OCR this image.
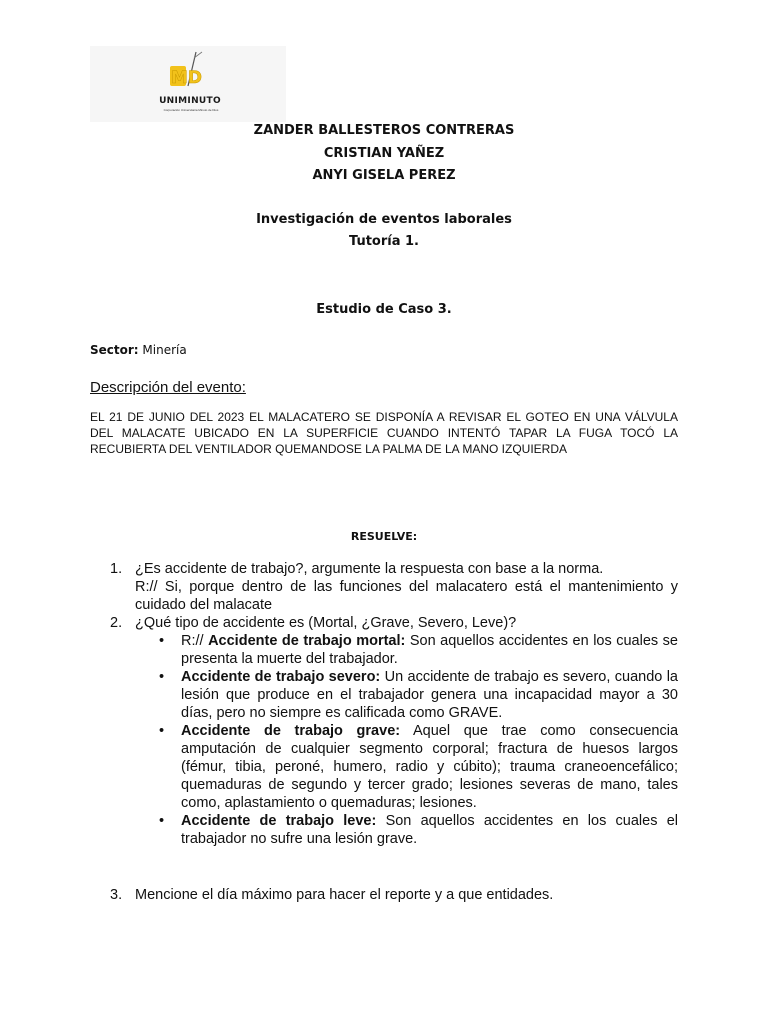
MD
UNIMINUTO
Corporación Universitaria Minuto de Dios
ZANDER BALLESTEROS CONTRERAS
CRISTIAN YAÑEZ
ANYI GISELA PEREZ
Investigación de eventos laborales
Tutoría 1.
Estudio de Caso 3.
Sector: Minería
Descripción del evento:
EL 21 DE JUNIO DEL 2023 EL MALACATERO SE DISPONÍA A REVISAR EL GOTEO EN UNA VÁLVULA DEL MALACATE UBICADO EN LA SUPERFICIE CUANDO INTENTÓ TAPAR LA FUGA TOCÓ LA RECUBIERTA DEL VENTILADOR QUEMANDOSE LA PALMA DE LA MANO IZQUIERDA
RESUELVE:
1. ¿Es accidente de trabajo?, argumente la respuesta con base a la norma.
R:// Si, porque dentro de las funciones del malacatero está el mantenimiento y cuidado del malacate
2. ¿Qué tipo de accidente es (Mortal, ¿Grave, Severo, Leve)?
• R:// Accidente de trabajo mortal: Son aquellos accidentes en los cuales se presenta la muerte del trabajador.
• Accidente de trabajo severo: Un accidente de trabajo es severo, cuando la lesión que produce en el trabajador genera una incapacidad mayor a 30 días, pero no siempre es calificada como GRAVE.
• Accidente de trabajo grave: Aquel que trae como consecuencia amputación de cualquier segmento corporal; fractura de huesos largos (fémur, tibia, peroné, humero, radio y cúbito); trauma craneoencefálico; quemaduras de segundo y tercer grado; lesiones severas de mano, tales como, aplastamiento o quemaduras; lesiones.
• Accidente de trabajo leve: Son aquellos accidentes en los cuales el trabajador no sufre una lesión grave.
3. Mencione el día máximo para hacer el reporte y a que entidades.
